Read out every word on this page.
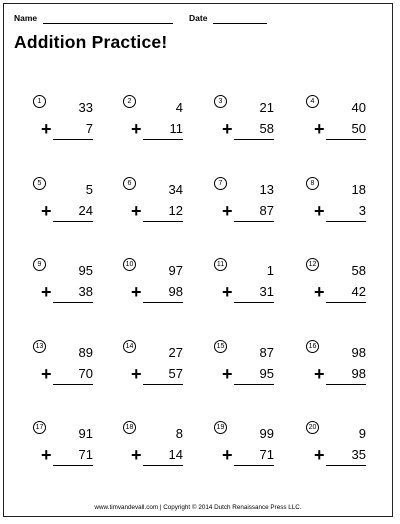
Name	Date
Addition Practice!
1	33
+	7
2	4
+ 11
3	21
+ 58
4	40
+ 50
5	5
+ 24
6	34
+ 12
7	13
+ 87
8	18
+	3
9	95
+ 38
10	97
+ 98
11	1
+ 31
12	58
+ 42
13	89
+ 70
14	27
+ 57
15	87
+ 95
16	98
+ 98
17	91
+ 71
18	8
+ 14
19	99
+ 71
20	9
+ 35
www.timvandevall.com | Copyright © 2014 Dutch Renaissance Press LLC.
